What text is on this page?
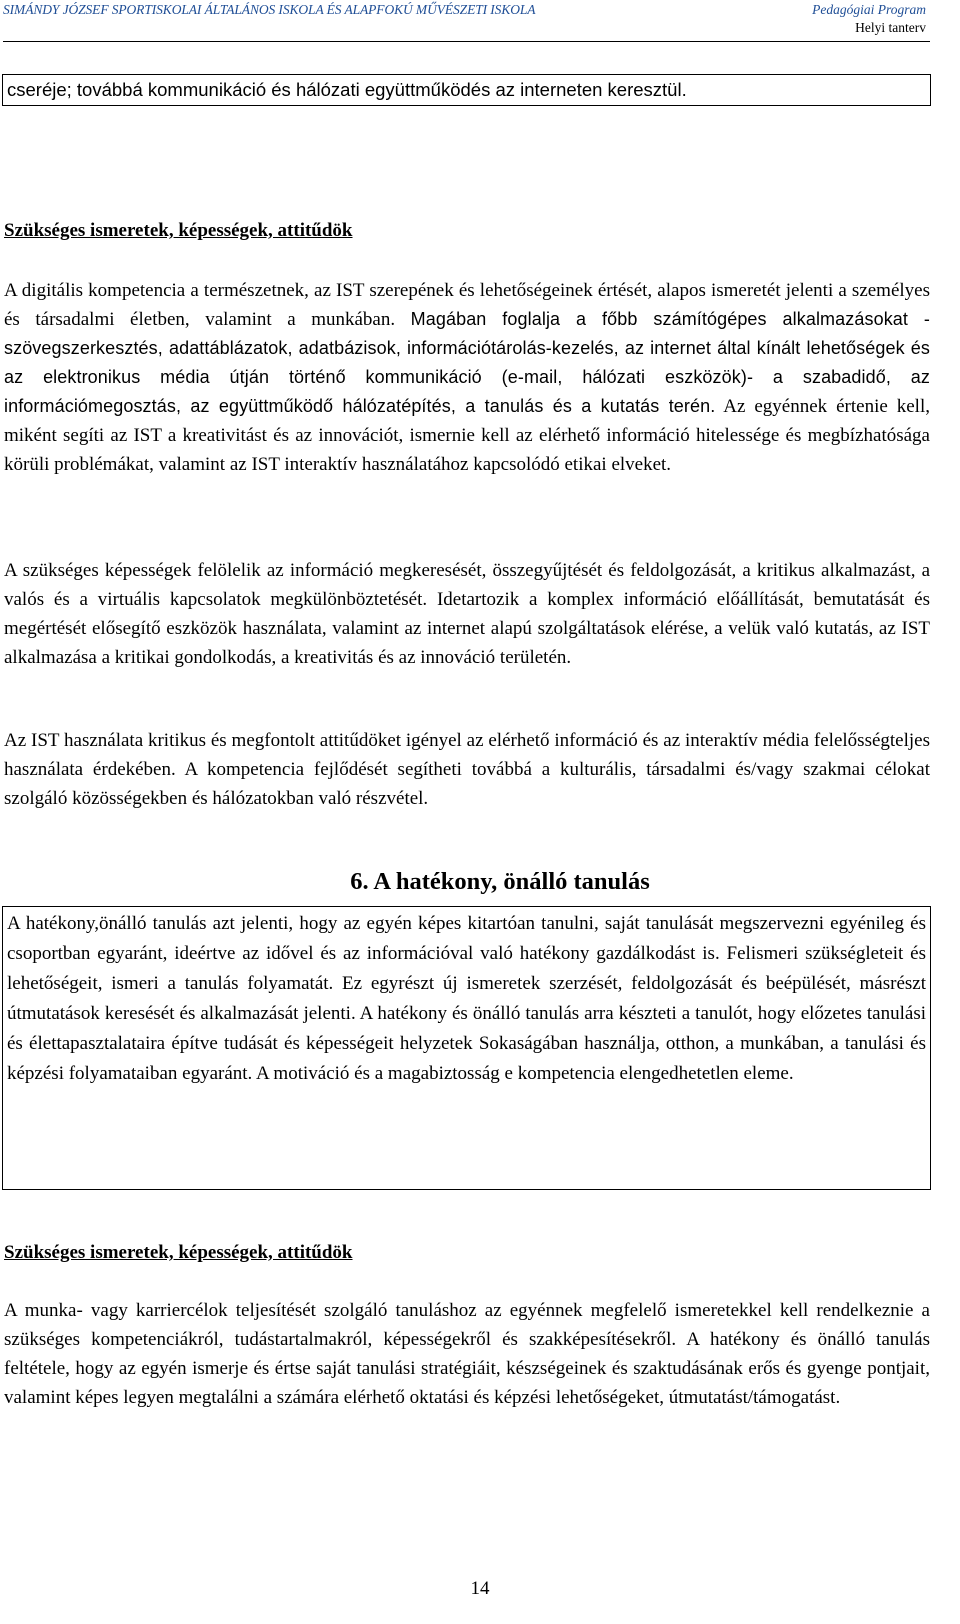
SIMÁNDY JÓZSEF SPORTISKOLAI ÁLTALÁNOS ISKOLA ÉS ALAPFOKÚ MŰVÉSZETI ISKOLA	Pedagógiai Program
Helyi tanterv
cseréje; továbbá kommunikáció és hálózati együttműködés az interneten keresztül.
Szükséges ismeretek, képességek, attitűdök

A digitális kompetencia a természetnek, az IST szerepének és lehetőségeinek értését, alapos ismeretét jelenti a személyes és társadalmi életben, valamint a munkában. Magában foglalja a főbb számítógépes alkalmazásokat - szövegszerkesztés, adattáblázatok, adatbázisok, információtárolás-kezelés, az internet által kínált lehetőségek és az elektronikus média útján történő kommunikáció (e-mail, hálózati eszközök)- a szabadidő, az információmegosztás, az együttműködő hálózatépítés, a tanulás és a kutatás terén. Az egyénnek értenie kell, miként segíti az IST a kreativitást és az innovációt, ismernie kell az elérhető információ hitelessége és megbízhatósága körüli problémákat, valamint az IST interaktív használatához kapcsolódó etikai elveket.

A szükséges képességek felölelik az információ megkeresését, összegyűjtését és feldolgozását, a kritikus alkalmazást, a valós és a virtuális kapcsolatok megkülönböztetését. Idetartozik a komplex információ előállítását, bemutatását és megértését elősegítő eszközök használata, valamint az internet alapú szolgáltatások elérése, a velük való kutatás, az IST alkalmazása a kritikai gondolkodás, a kreativitás és az innováció területén.

Az IST használata kritikus és megfontolt attitűdöket igényel az elérhető információ és az interaktív média felelősségteljes használata érdekében. A kompetencia fejlődését segítheti továbbá a kulturális, társadalmi és/vagy szakmai célokat szolgáló közösségekben és hálózatokban való részvétel.

6. A hatékony, önálló tanulás

A hatékony,önálló tanulás azt jelenti, hogy az egyén képes kitartóan tanulni, saját tanulását megszervezni egyénileg és csoportban egyaránt, ideértve az idővel és az információval való hatékony gazdálkodást is. Felismeri szükségleteit és lehetőségeit, ismeri a tanulás folyamatát. Ez egyrészt új ismeretek szerzését, feldolgozását és beépülését, másrészt útmutatások keresését és alkalmazását jelenti. A hatékony és önálló tanulás arra készteti a tanulót, hogy előzetes tanulási és élettapasztalataira építve tudását és képességeit helyzetek Sokaságában használja, otthon, a munkában, a tanulási és képzési folyamataiban egyaránt. A motiváció és a magabiztosság e kompetencia elengedhetetlen eleme.

Szükséges ismeretek, képességek, attitűdök

A munka- vagy karriercélok teljesítését szolgáló tanuláshoz az egyénnek megfelelő ismeretekkel kell rendelkeznie a szükséges kompetenciákról, tudástartalmakról, képességekről és szakképesítésekről. A hatékony és önálló tanulás feltétele, hogy az egyén ismerje és értse saját tanulási stratégiáit, készségeinek és szaktudásának erős és gyenge pontjait, valamint képes legyen megtalálni a számára elérhető oktatási és képzési lehetőségeket, útmutatást/támogatást.

14
